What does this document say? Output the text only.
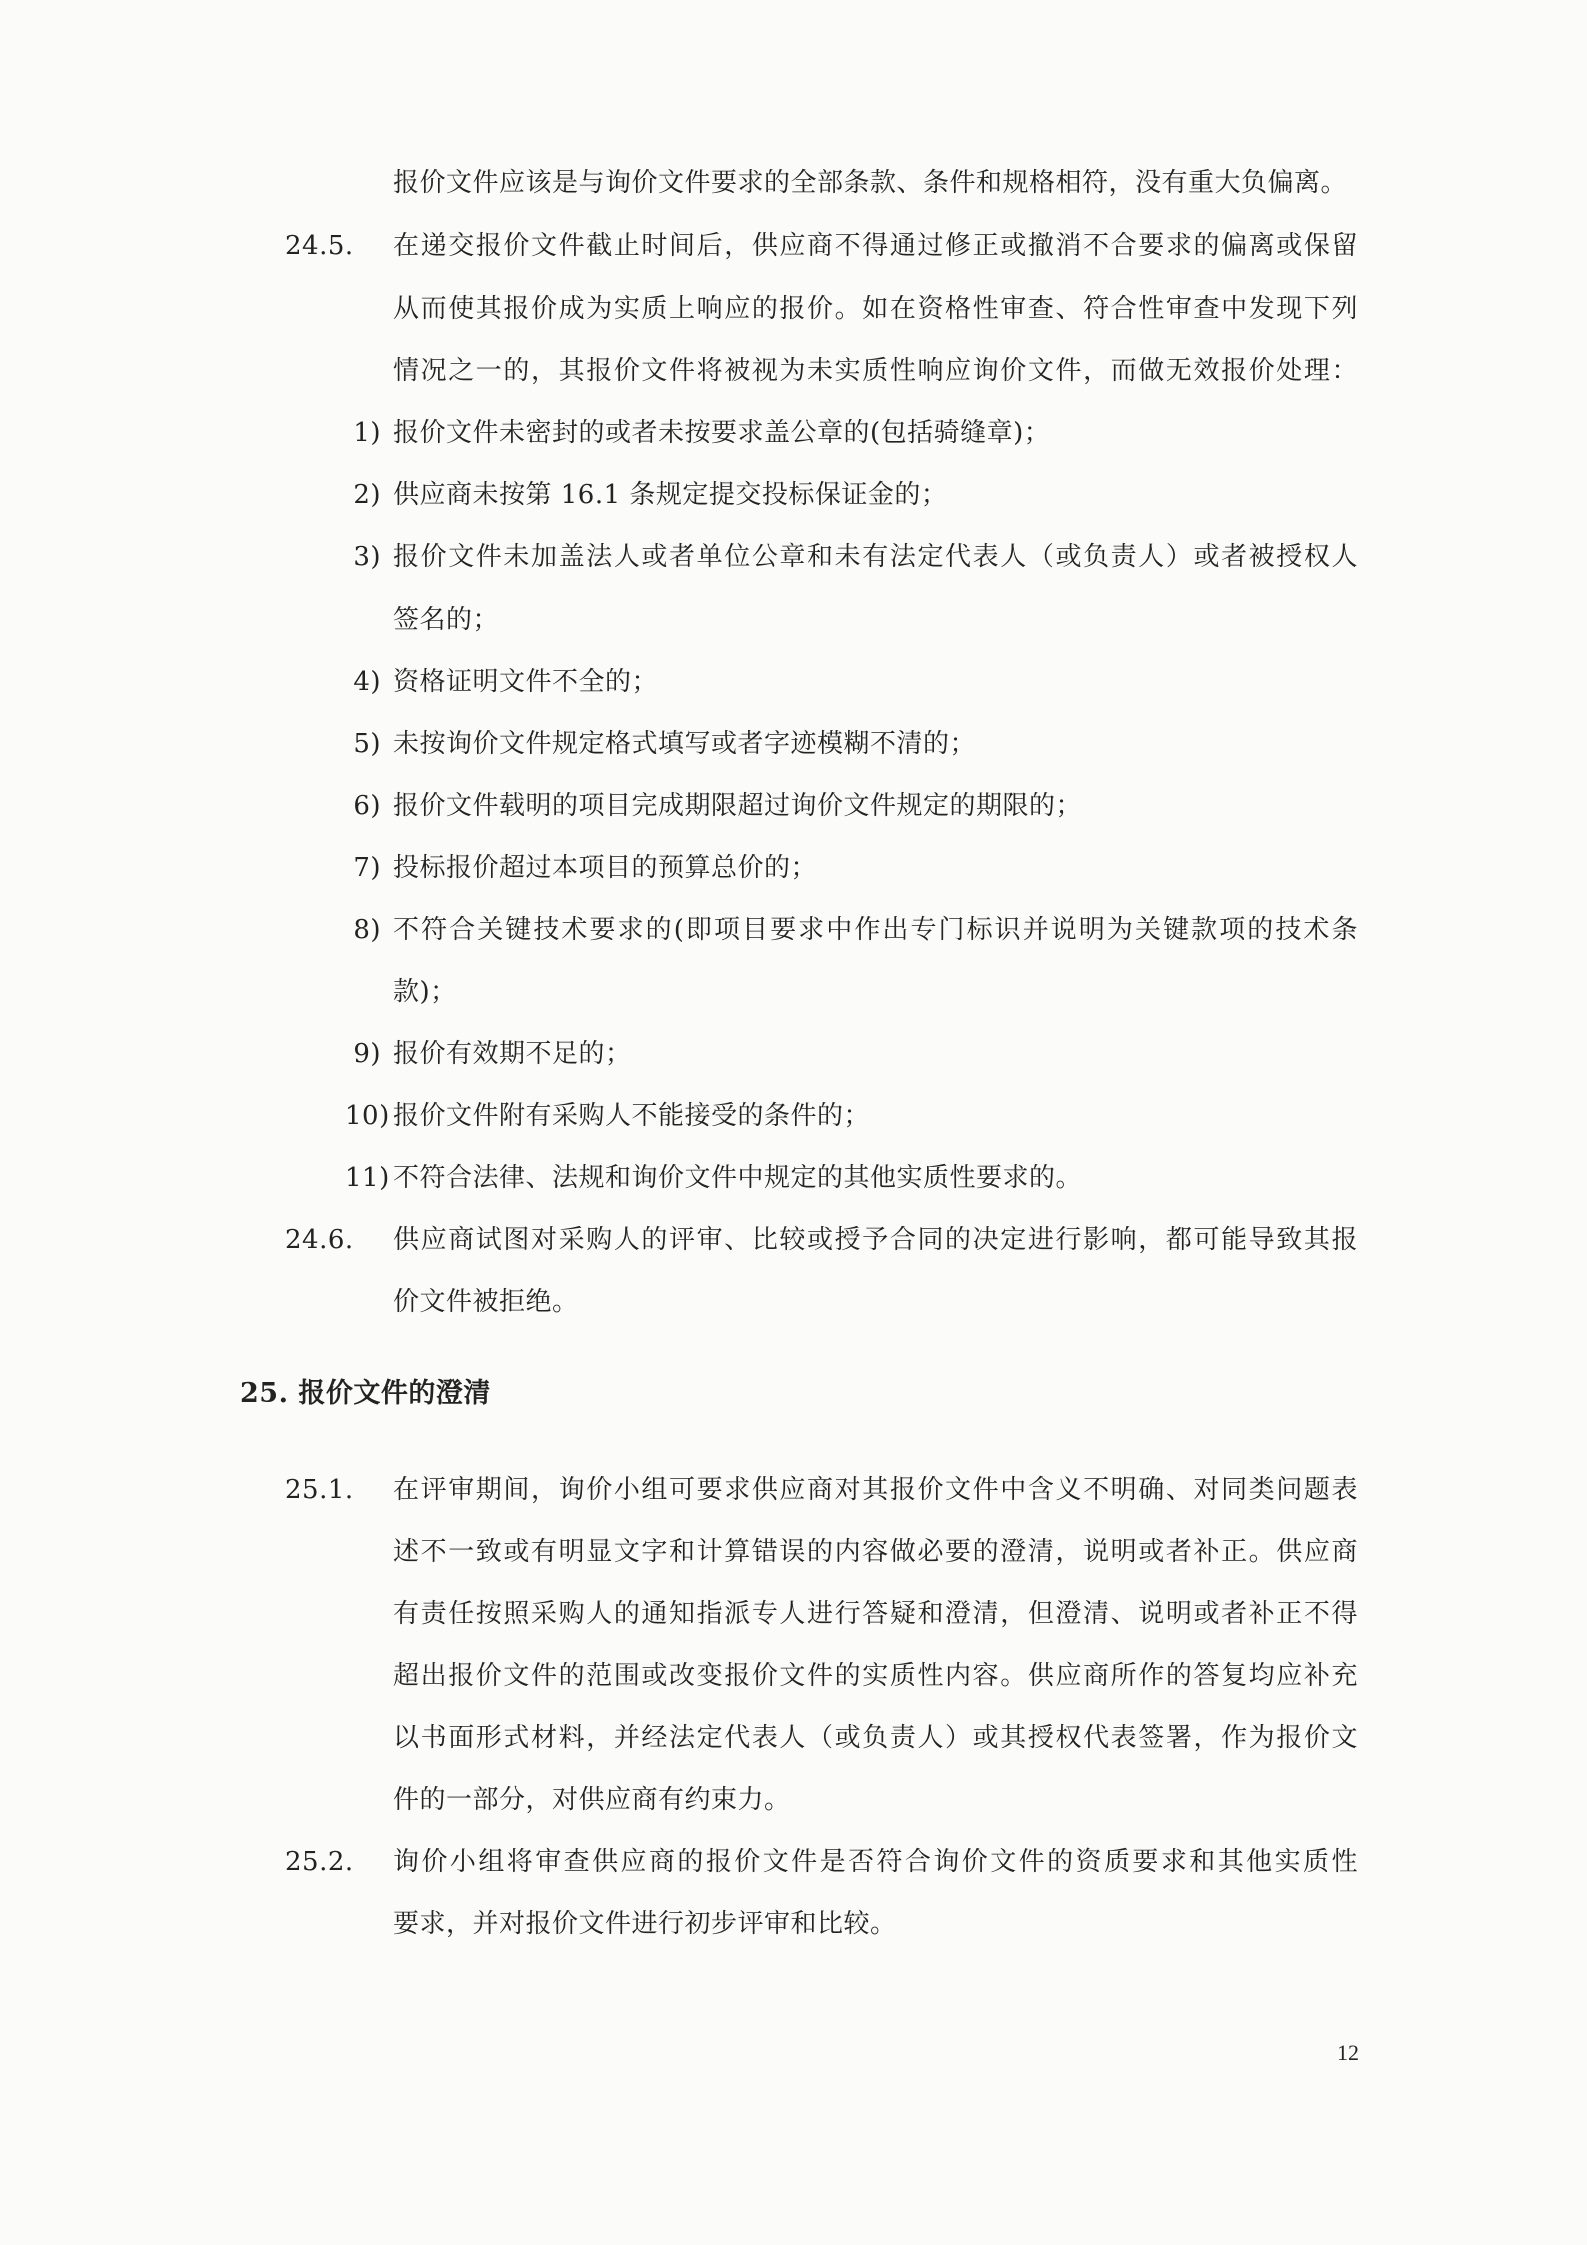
报价文件应该是与询价文件要求的全部条款、条件和规格相符，没有重大负偏离。
24.5. 在递交报价文件截止时间后，供应商不得通过修正或撤消不合要求的偏离或保留
从而使其报价成为实质上响应的报价。如在资格性审查、符合性审查中发现下列
情况之一的，其报价文件将被视为未实质性响应询价文件，而做无效报价处理：
1) 报价文件未密封的或者未按要求盖公章的(包括骑缝章)；
2) 供应商未按第 16.1 条规定提交投标保证金的；
3) 报价文件未加盖法人或者单位公章和未有法定代表人（或负责人）或者被授权人
签名的；
4) 资格证明文件不全的；
5) 未按询价文件规定格式填写或者字迹模糊不清的；
6) 报价文件载明的项目完成期限超过询价文件规定的期限的；
7) 投标报价超过本项目的预算总价的；
8) 不符合关键技术要求的(即项目要求中作出专门标识并说明为关键款项的技术条
款)；
9) 报价有效期不足的；
10) 报价文件附有采购人不能接受的条件的；
11) 不符合法律、法规和询价文件中规定的其他实质性要求的。
24.6. 供应商试图对采购人的评审、比较或授予合同的决定进行影响，都可能导致其报
价文件被拒绝。
25. 报价文件的澄清
25.1. 在评审期间，询价小组可要求供应商对其报价文件中含义不明确、对同类问题表
述不一致或有明显文字和计算错误的内容做必要的澄清，说明或者补正。供应商
有责任按照采购人的通知指派专人进行答疑和澄清，但澄清、说明或者补正不得
超出报价文件的范围或改变报价文件的实质性内容。供应商所作的答复均应补充
以书面形式材料，并经法定代表人（或负责人）或其授权代表签署，作为报价文
件的一部分，对供应商有约束力。
25.2. 询价小组将审查供应商的报价文件是否符合询价文件的资质要求和其他实质性
要求，并对报价文件进行初步评审和比较。
12
